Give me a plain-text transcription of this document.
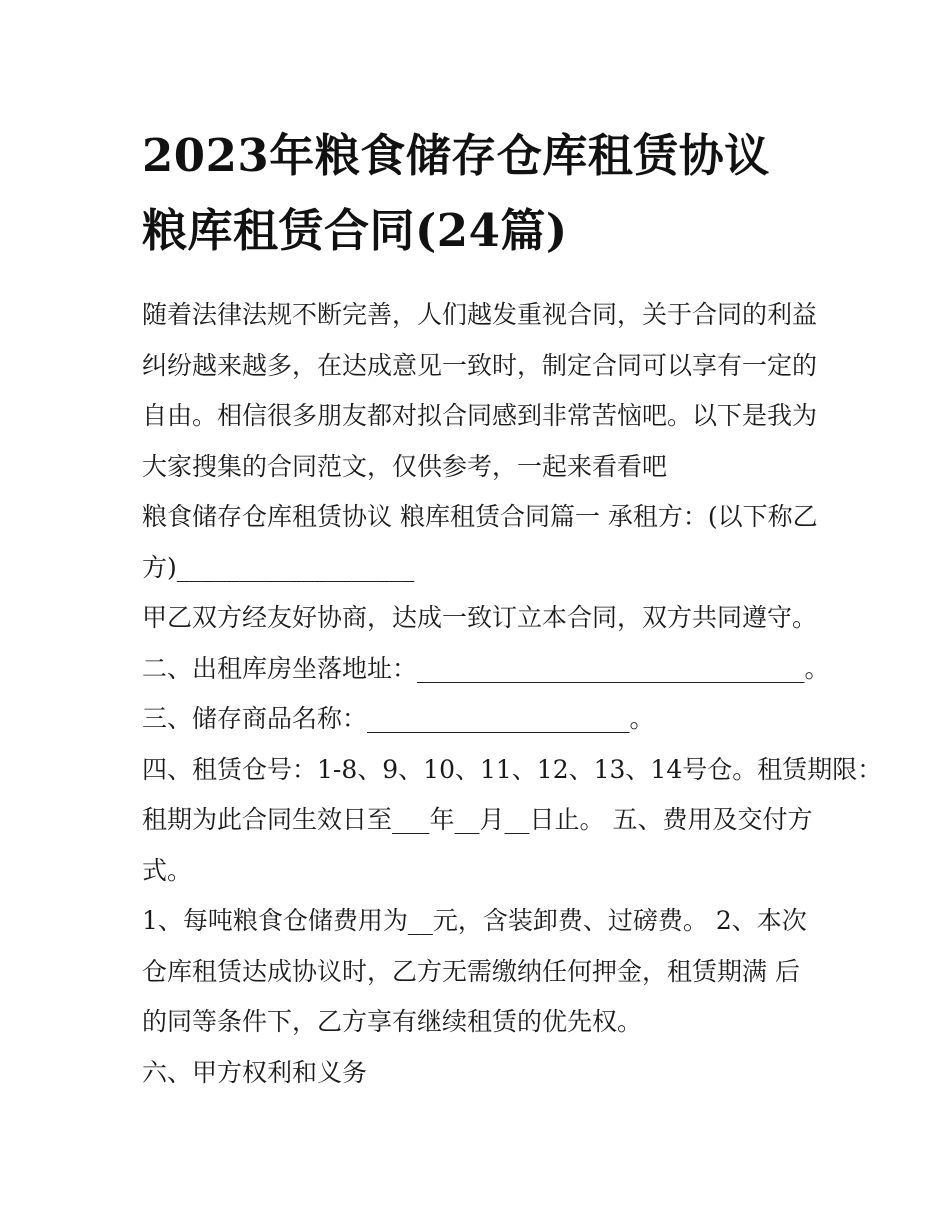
2023年粮食储存仓库租赁协议
粮库租赁合同(24篇)

随着法律法规不断完善，人们越发重视合同，关于合同的利益
纠纷越来越多，在达成意见一致时，制定合同可以享有一定的
自由。相信很多朋友都对拟合同感到非常苦恼吧。以下是我为
大家搜集的合同范文，仅供参考，一起来看看吧

粮食储存仓库租赁协议 粮库租赁合同篇一 承租方：(以下称乙
方)___________________

甲乙双方经友好协商，达成一致订立本合同，双方共同遵守。

二、出租库房坐落地址：_______________________________。

三、储存商品名称：_____________________。

四、租赁仓号：1-8、9、10、11、12、13、14号仓。租赁期限：
租期为此合同生效日至___年__月__日止。 五、费用及交付方
式。

1、每吨粮食仓储费用为__元，含装卸费、过磅费。 2、本次
仓库租赁达成协议时，乙方无需缴纳任何押金，租赁期满 后
的同等条件下，乙方享有继续租赁的优先权。

六、甲方权利和义务
